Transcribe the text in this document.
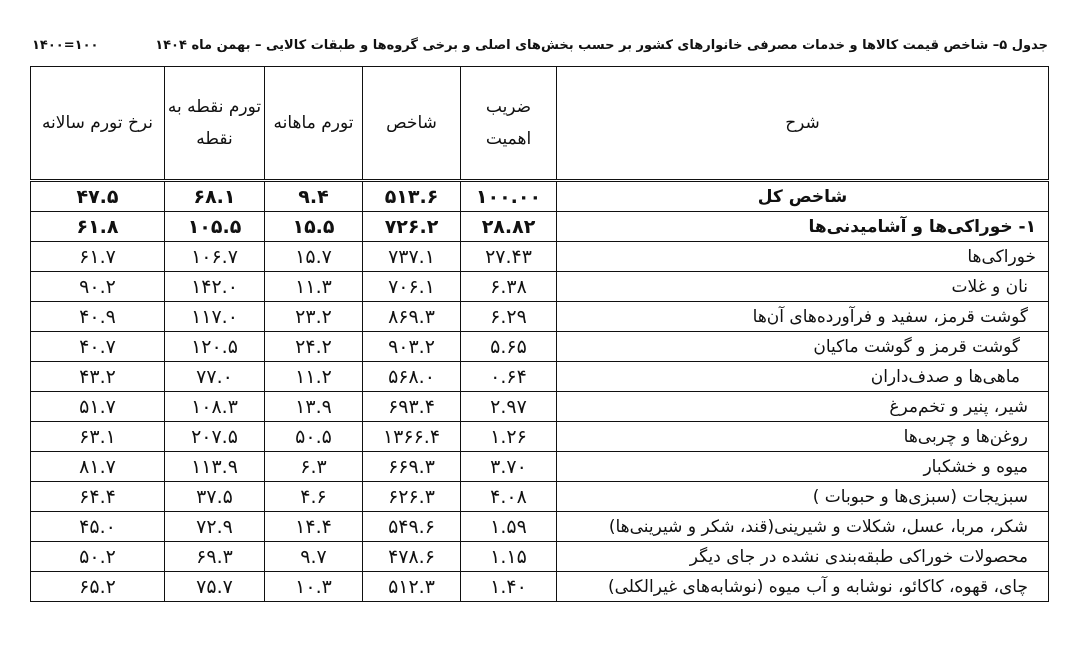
جدول ۵– شاخص قیمت کالاها و خدمات مصرفی خانوارهای کشور بر حسب بخش‌های اصلی و برخی گروه‌ها و طبقات کالایی – بهمن ماه ۱۴۰۴
۱۴۰۰=۱۰۰
شرح	ضریب اهمیت	شاخص	تورم ماهانه	تورم نقطه به نقطه	نرخ تورم سالانه
شاخص کل	۱۰۰.۰۰	۵۱۳.۶	۹.۴	۶۸.۱	۴۷.۵
۱- خوراکی‌ها و آشامیدنی‌ها	۲۸.۸۲	۷۲۶.۲	۱۵.۵	۱۰۵.۵	۶۱.۸
خوراکی‌ها	۲۷.۴۳	۷۳۷.۱	۱۵.۷	۱۰۶.۷	۶۱.۷
نان و غلات	۶.۳۸	۷۰۶.۱	۱۱.۳	۱۴۲.۰	۹۰.۲
گوشت قرمز، سفید و فرآورده‌های آن‌ها	۶.۲۹	۸۶۹.۳	۲۳.۲	۱۱۷.۰	۴۰.۹
گوشت قرمز و گوشت ماکیان	۵.۶۵	۹۰۳.۲	۲۴.۲	۱۲۰.۵	۴۰.۷
ماهی‌ها و صدف‌داران	۰.۶۴	۵۶۸.۰	۱۱.۲	۷۷.۰	۴۳.۲
شیر، پنیر و تخم‌مرغ	۲.۹۷	۶۹۳.۴	۱۳.۹	۱۰۸.۳	۵۱.۷
روغن‌ها و چربی‌ها	۱.۲۶	۱۳۶۶.۴	۵۰.۵	۲۰۷.۵	۶۳.۱
میوه و خشکبار	۳.۷۰	۶۶۹.۳	۶.۳	۱۱۳.۹	۸۱.۷
سبزیجات (سبزی‌ها و حبوبات )	۴.۰۸	۶۲۶.۳	۴.۶	۳۷.۵	۶۴.۴
شکر، مربا، عسل، شکلات و شیرینی(قند، شکر و شیرینی‌ها)	۱.۵۹	۵۴۹.۶	۱۴.۴	۷۲.۹	۴۵.۰
محصولات خوراکی طبقه‌بندی نشده در جای دیگر	۱.۱۵	۴۷۸.۶	۹.۷	۶۹.۳	۵۰.۲
چای، قهوه، کاکائو، نوشابه و آب میوه (نوشابه‌های غیرالکلی)	۱.۴۰	۵۱۲.۳	۱۰.۳	۷۵.۷	۶۵.۲
